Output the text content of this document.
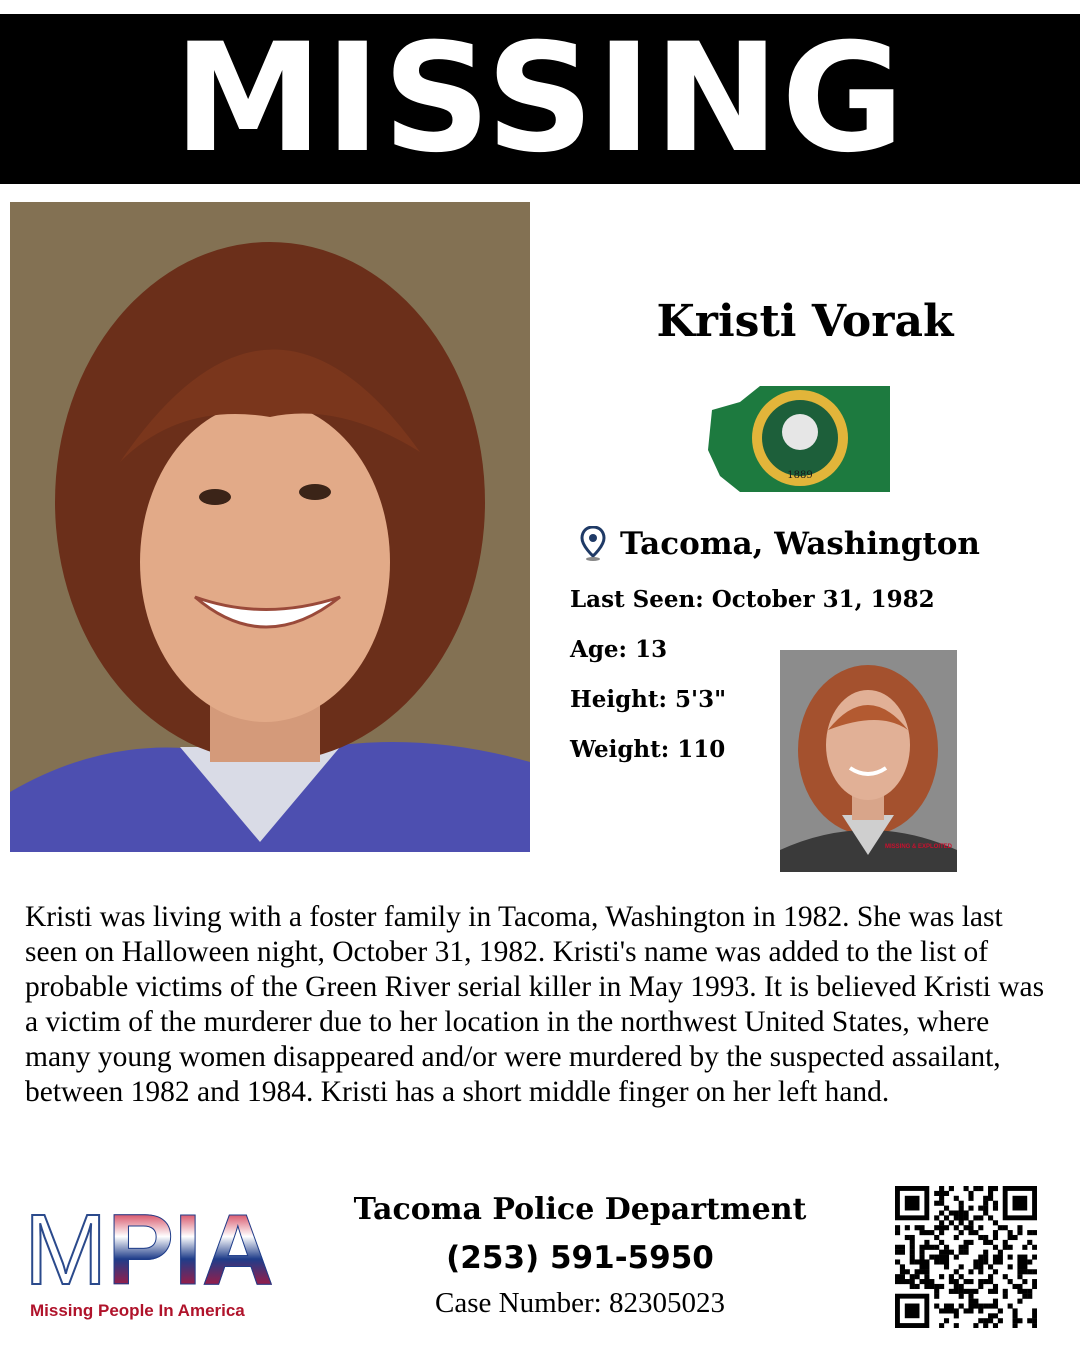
MISSING
Kristi Vorak
1889
Tacoma, Washington
Last Seen: October 31, 1982
Age: 13
Height: 5'3"
Weight: 110
MISSING & EXPLOITED
Kristi was living with a foster family in Tacoma, Washington in 1982. She was last seen on Halloween night, October 31, 1982. Kristi's name was added to the list of probable victims of the Green River serial killer in May 1993. It is believed Kristi was a victim of the murderer due to her location in the northwest United States, where many young women disappeared and/or were murdered by the suspected assailant, between 1982 and 1984. Kristi has a short middle finger on her left hand.
M PIA
Missing People In America
Tacoma Police Department
(253) 591-5950
Case Number: 82305023
